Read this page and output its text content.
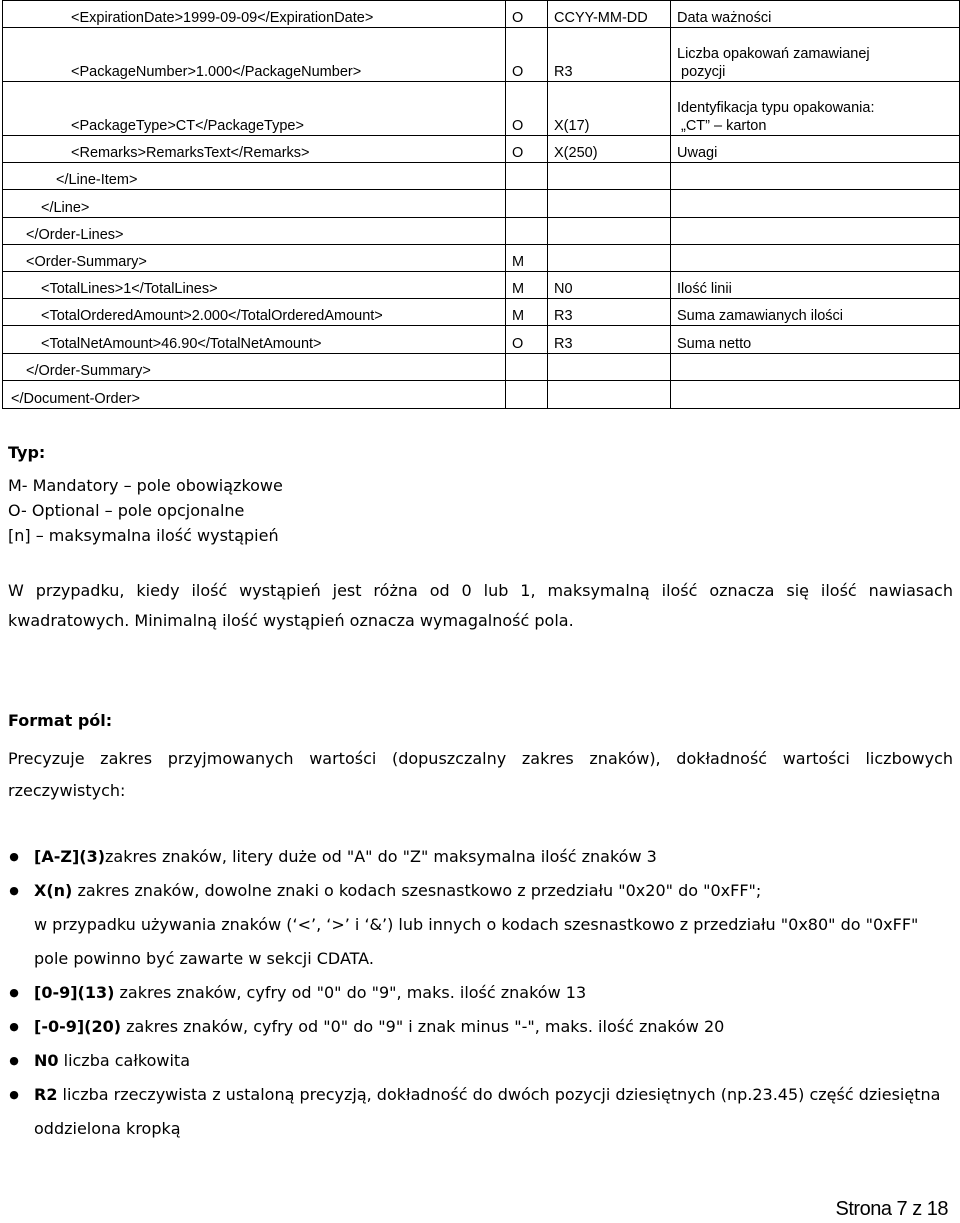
<ExpirationDate>1999-09-09</ExpirationDate>	O	CCYY-MM-DD	Data ważności

<PackageNumber>1.000</PackageNumber>	O	R3	Liczba opakowań zamawianej
pozycji

<PackageType>CT</PackageType>	O	X(17)	Identyfikacja typu opakowania:
„CT” – karton

<Remarks>RemarksText</Remarks>	O	X(250)	Uwagi

</Line-Item>			

</Line>			

</Order-Lines>			

<Order-Summary>	M		

<TotalLines>1</TotalLines>	M	N0	Ilość linii

<TotalOrderedAmount>2.000</TotalOrderedAmount>	M	R3	Suma zamawianych ilości

<TotalNetAmount>46.90</TotalNetAmount>	O	R3	Suma netto

</Order-Summary>			

</Document-Order>			
Typ:
M- Mandatory – pole obowiązkowe
O- Optional – pole opcjonalne
[n] – maksymalna ilość wystąpień
W przypadku, kiedy ilość wystąpień jest różna od 0 lub 1, maksymalną ilość oznacza się ilość nawiasach kwadratowych. Minimalną ilość wystąpień oznacza wymagalność pola.
Format pól:
Precyzuje zakres przyjmowanych wartości (dopuszczalny zakres znaków), dokładność wartości liczbowych rzeczywistych:
● [A-Z](3)zakres znaków, litery duże od "A" do "Z" maksymalna ilość znaków 3
● X(n) zakres znaków, dowolne znaki o kodach szesnastkowo z przedziału "0x20" do "0xFF";
w przypadku używania znaków (‘<’, ‘>’ i ‘&’) lub innych o kodach szesnastkowo z przedziału "0x80" do "0xFF" pole powinno być zawarte w sekcji CDATA.
● [0-9](13) zakres znaków, cyfry od "0" do "9", maks. ilość znaków 13
● [-0-9](20) zakres znaków, cyfry od "0" do "9" i znak minus "-", maks. ilość znaków 20
● N0 liczba całkowita
● R2 liczba rzeczywista z ustaloną precyzją, dokładność do dwóch pozycji dziesiętnych (np.23.45) część dziesiętna oddzielona kropką
Strona 7 z 18
